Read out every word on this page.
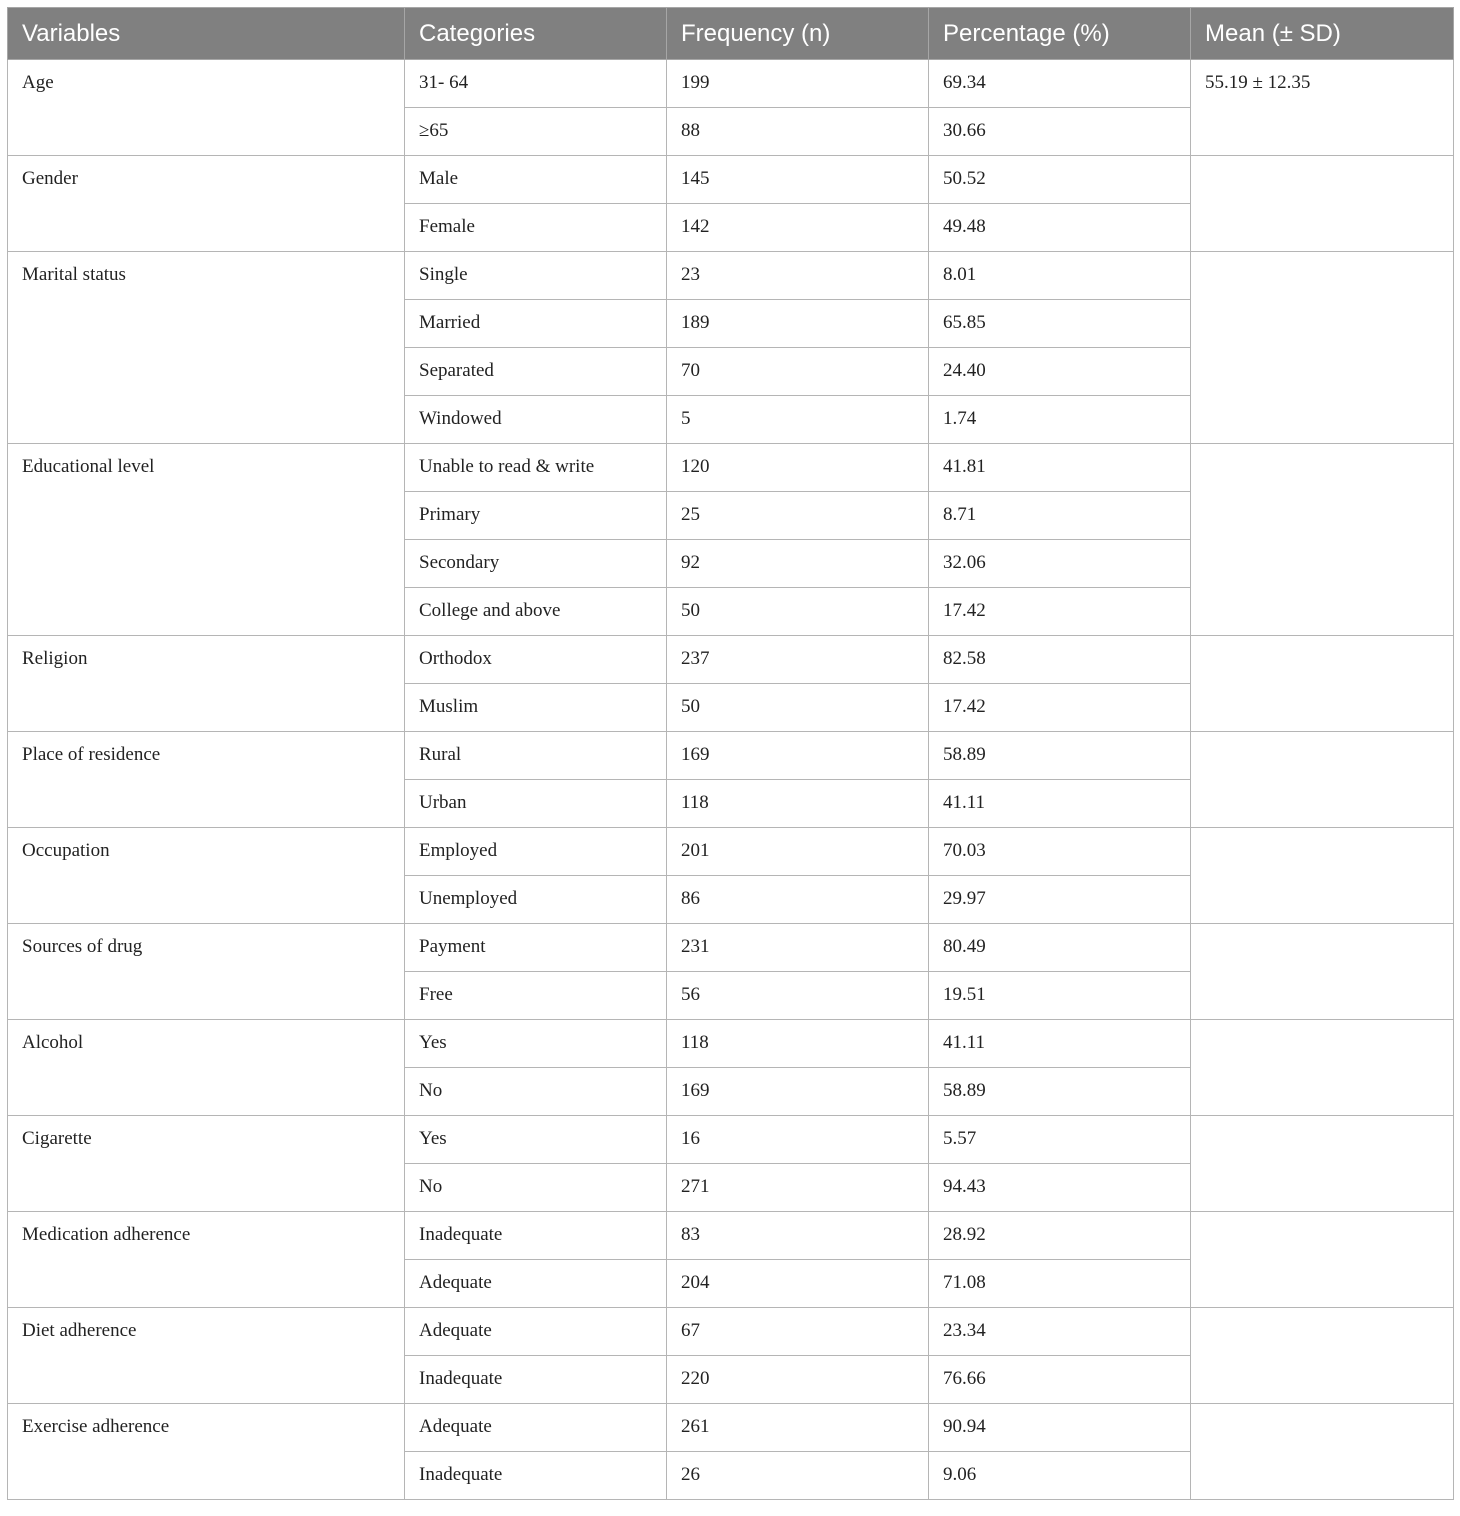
Variables	Categories	Frequency (n)	Percentage (%)	Mean (± SD)
Age	31- 64	199	69.34	55.19 ± 12.35
	≥65	88	30.66	
Gender	Male	145	50.52	
	Female	142	49.48	
Marital status	Single	23	8.01	
	Married	189	65.85	
	Separated	70	24.40	
	Windowed	5	1.74	
Educational level	Unable to read & write	120	41.81	
	Primary	25	8.71	
	Secondary	92	32.06	
	College and above	50	17.42	
Religion	Orthodox	237	82.58	
	Muslim	50	17.42	
Place of residence	Rural	169	58.89	
	Urban	118	41.11	
Occupation	Employed	201	70.03	
	Unemployed	86	29.97	
Sources of drug	Payment	231	80.49	
	Free	56	19.51	
Alcohol	Yes	118	41.11	
	No	169	58.89	
Cigarette	Yes	16	5.57	
	No	271	94.43	
Medication adherence	Inadequate	83	28.92	
	Adequate	204	71.08	
Diet adherence	Adequate	67	23.34	
	Inadequate	220	76.66	
Exercise adherence	Adequate	261	90.94	
	Inadequate	26	9.06	
